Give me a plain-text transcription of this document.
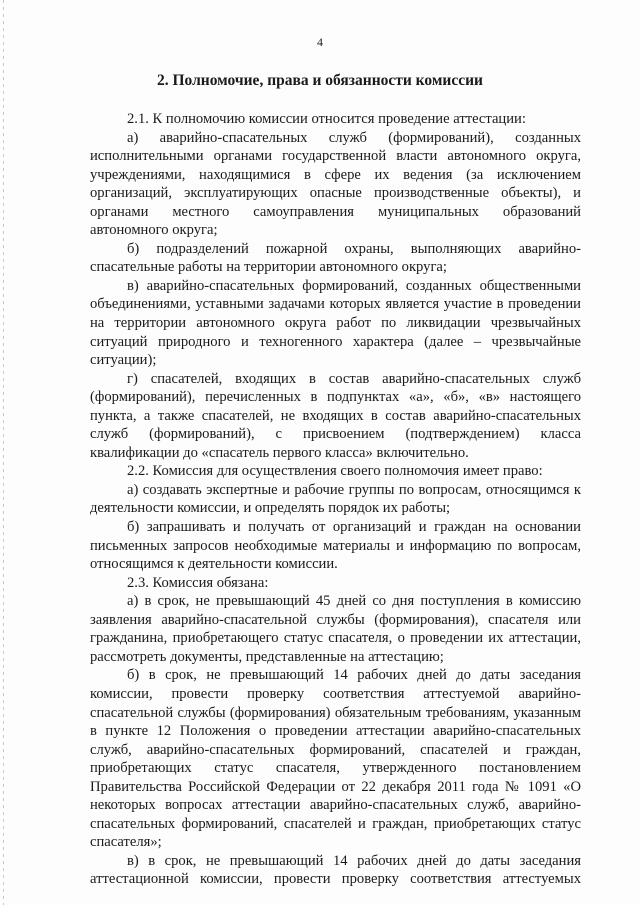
4
2. Полномочие, права и обязанности комиссии

2.1. К полномочию комиссии относится проведение аттестации:

а) аварийно-спасательных служб (формирований), созданных исполнительными органами государственной власти автономного округа, учреждениями, находящимися в сфере их ведения (за исключением организаций, эксплуатирующих опасные производственные объекты), и органами местного самоуправления муниципальных образований автономного округа;

б) подразделений пожарной охраны, выполняющих аварийно-спасательные работы на территории автономного округа;

в) аварийно-спасательных формирований, созданных общественными объединениями, уставными задачами которых является участие в проведении на территории автономного округа работ по ликвидации чрезвычайных ситуаций природного и техногенного характера (далее – чрезвычайные ситуации);

г) спасателей, входящих в состав аварийно-спасательных служб (формирований), перечисленных в подпунктах «а», «б», «в» настоящего пункта, а также спасателей, не входящих в состав аварийно-спасательных служб (формирований), с присвоением (подтверждением) класса квалификации до «спасатель первого класса» включительно.

2.2. Комиссия для осуществления своего полномочия имеет право:

а) создавать экспертные и рабочие группы по вопросам, относящимся к деятельности комиссии, и определять порядок их работы;

б) запрашивать и получать от организаций и граждан на основании письменных запросов необходимые материалы и информацию по вопросам, относящимся к деятельности комиссии.

2.3. Комиссия обязана:

а) в срок, не превышающий 45 дней со дня поступления в комиссию заявления аварийно-спасательной службы (формирования), спасателя или гражданина, приобретающего статус спасателя, о проведении их аттестации, рассмотреть документы, представленные на аттестацию;

б) в срок, не превышающий 14 рабочих дней до даты заседания комиссии, провести проверку соответствия аттестуемой аварийно-спасательной службы (формирования) обязательным требованиям, указанным в пункте 12 Положения о проведении аттестации аварийно-спасательных служб, аварийно-спасательных формирований, спасателей и граждан, приобретающих статус спасателя, утвержденного постановлением Правительства Российской Федерации от 22 декабря 2011 года № 1091 «О некоторых вопросах аттестации аварийно-спасательных служб, аварийно-спасательных формирований, спасателей и граждан, приобретающих статус спасателя»;

в) в срок, не превышающий 14 рабочих дней до даты заседания аттестационной комиссии, провести проверку соответствия аттестуемых
